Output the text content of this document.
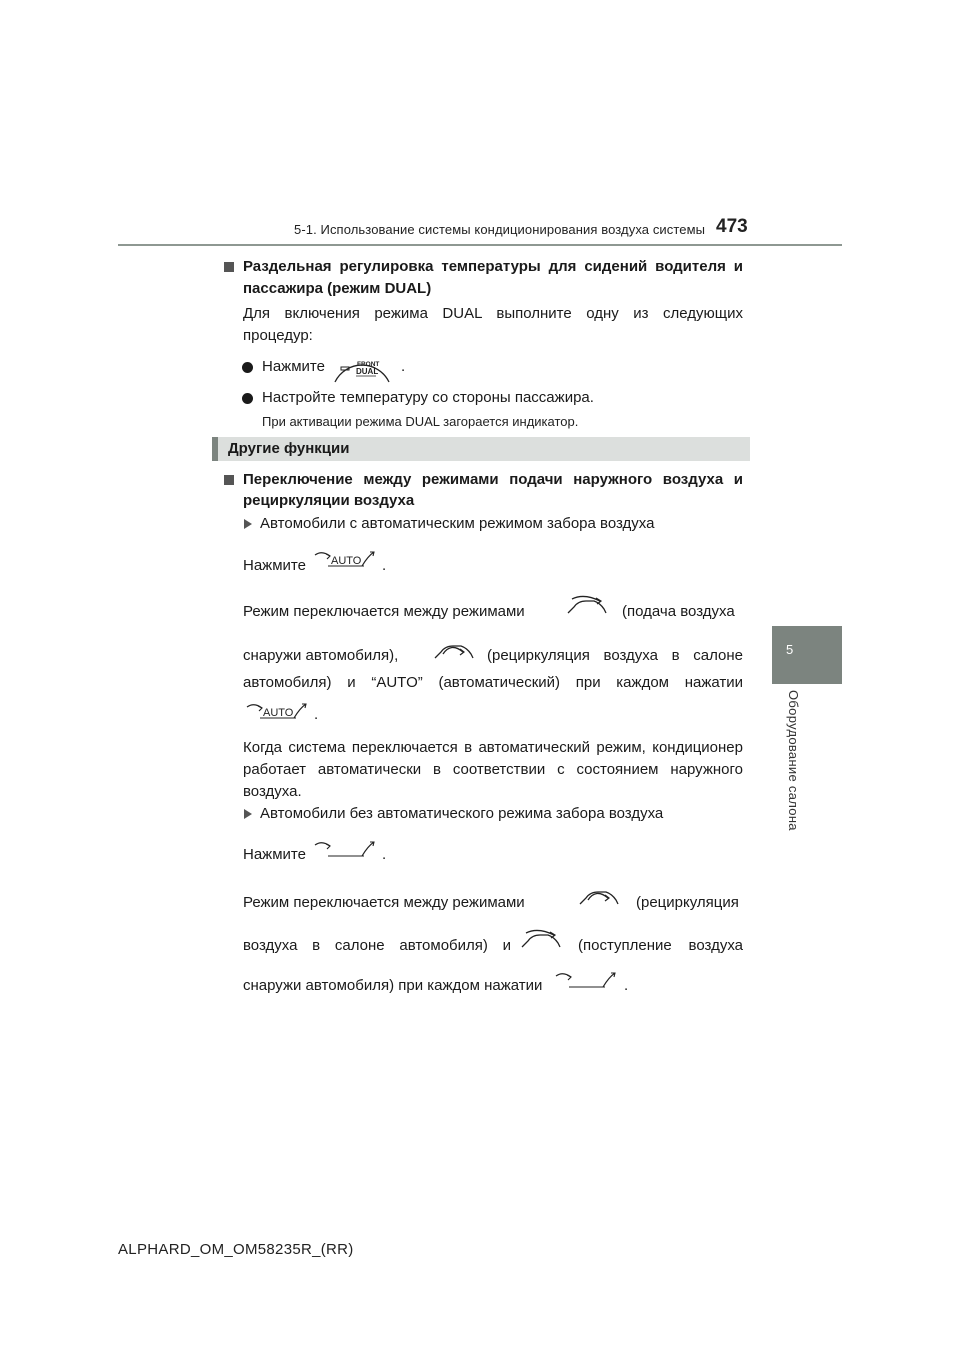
5-1. Использование системы кондиционирования воздуха системы 473
5
Оборудование салона
Раздельная регулировка температуры для сидений водителя и
пассажира (режим DUAL)
Для включения режима DUAL выполните одну из следующих
процедур:
Нажмите	FRONT
DUAL .
Настройте температуру со стороны пассажира.
При активации режима DUAL загорается индикатор.
Другие функции
Переключение между режимами подачи наружного воздуха и
рециркуляции воздуха
Автомобили с автоматическим режимом забора воздуха
Нажмите AUTO .
Режим переключается между режимами	(подача воздуха
снаружи автомобиля),	(рециркуляция воздуха в салоне
автомобиля) и “AUTO” (автоматический) при каждом нажатии
AUTO .
Когда система переключается в автоматический режим, кондиционер
работает автоматически в соответствии с состоянием наружного
воздуха.
Автомобили без автоматического режима забора воздуха
Нажмите	.
Режим переключается между режимами	(рециркуляция
воздуха в салоне автомобиля) и	(поступление воздуха
снаружи автомобиля) при каждом нажатии	.
ALPHARD_OM_OM58235R_(RR)
